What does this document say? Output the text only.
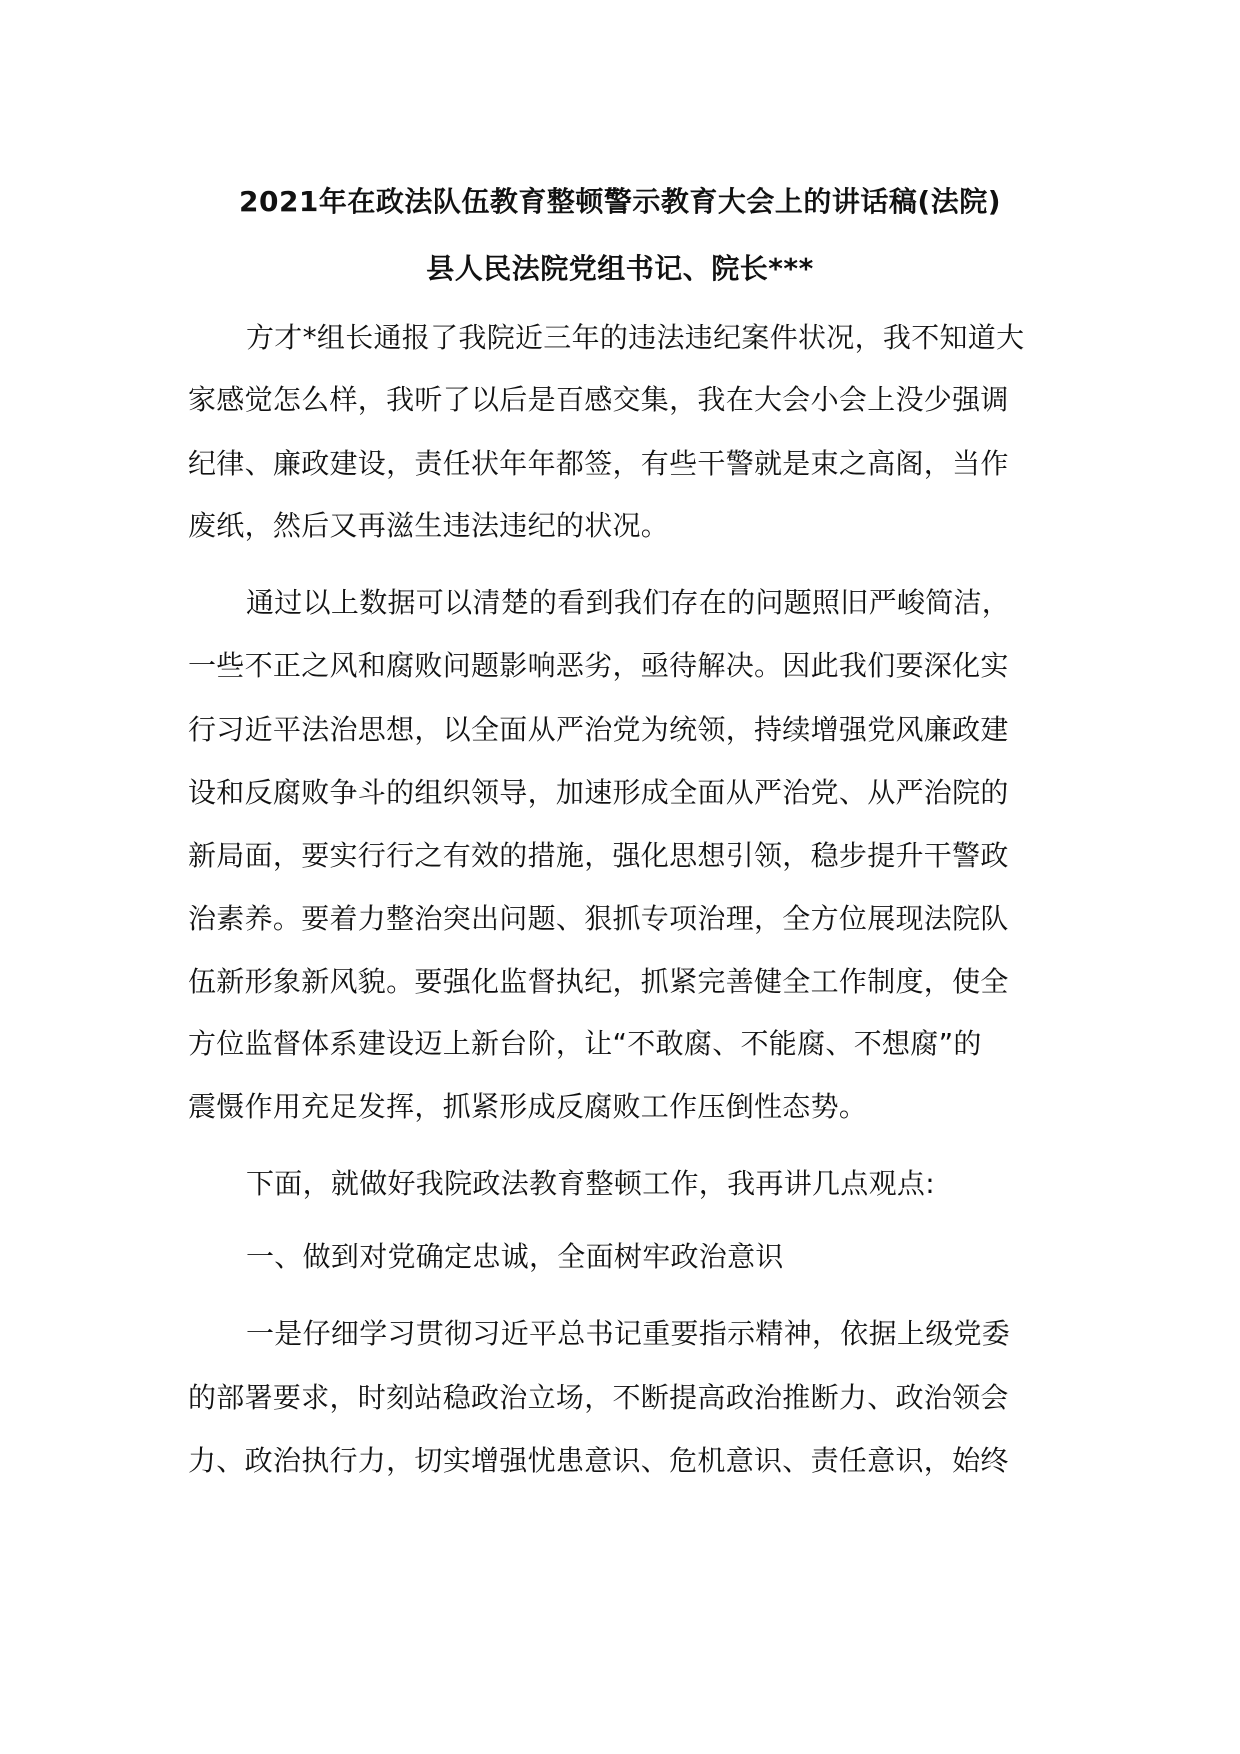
2021年在政法队伍教育整顿警示教育大会上的讲话稿(法院)
县人民法院党组书记、院长***
方才*组长通报了我院近三年的违法违纪案件状况，我不知道大
家感觉怎么样，我听了以后是百感交集，我在大会小会上没少强调
纪律、廉政建设，责任状年年都签，有些干警就是束之高阁，当作
废纸，然后又再滋生违法违纪的状况。
通过以上数据可以清楚的看到我们存在的问题照旧严峻简洁，
一些不正之风和腐败问题影响恶劣，亟待解决。因此我们要深化实
行习近平法治思想，以全面从严治党为统领，持续增强党风廉政建
设和反腐败争斗的组织领导，加速形成全面从严治党、从严治院的
新局面，要实行行之有效的措施，强化思想引领，稳步提升干警政
治素养。要着力整治突出问题、狠抓专项治理，全方位展现法院队
伍新形象新风貌。要强化监督执纪，抓紧完善健全工作制度，使全
方位监督体系建设迈上新台阶，让“不敢腐、不能腐、不想腐”的
震慑作用充足发挥，抓紧形成反腐败工作压倒性态势。
下面，就做好我院政法教育整顿工作，我再讲几点观点:
一、做到对党确定忠诚，全面树牢政治意识
一是仔细学习贯彻习近平总书记重要指示精神，依据上级党委
的部署要求，时刻站稳政治立场，不断提高政治推断力、政治领会
力、政治执行力，切实增强忧患意识、危机意识、责任意识，始终
